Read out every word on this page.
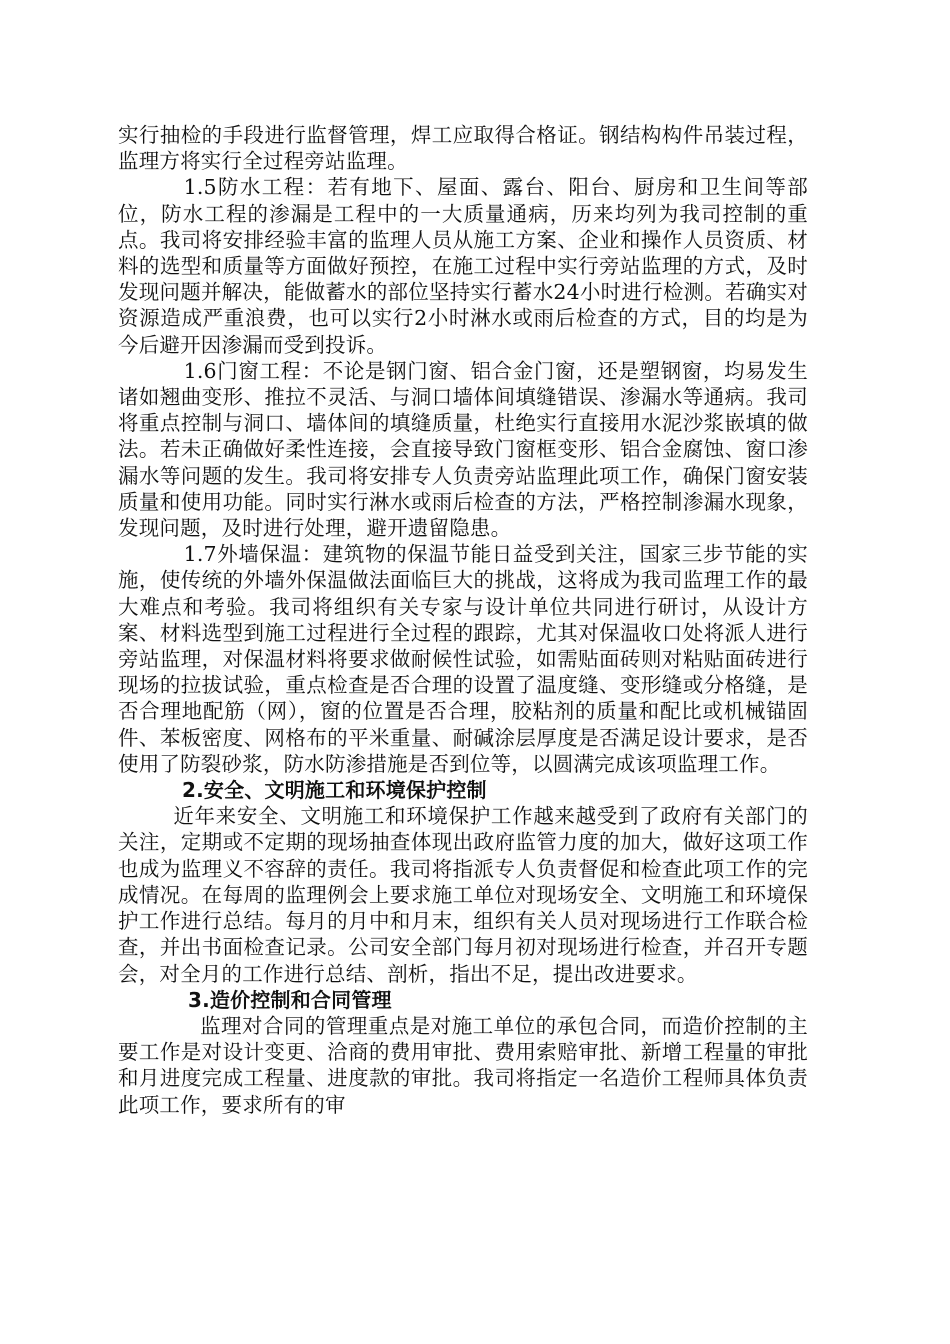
实行抽检的手段进行监督管理，焊工应取得合格证。钢结构构件吊装过程，监理方将实行全过程旁站监理。

1.5防水工程：若有地下、屋面、露台、阳台、厨房和卫生间等部位，防水工程的渗漏是工程中的一大质量通病，历来均列为我司控制的重点。我司将安排经验丰富的监理人员从施工方案、企业和操作人员资质、材料的选型和质量等方面做好预控，在施工过程中实行旁站监理的方式，及时发现问题并解决，能做蓄水的部位坚持实行蓄水24小时进行检测。若确实对资源造成严重浪费，也可以实行2小时淋水或雨后检查的方式，目的均是为今后避开因渗漏而受到投诉。

1.6门窗工程：不论是钢门窗、铝合金门窗，还是塑钢窗，均易发生诸如翘曲变形、推拉不灵活、与洞口墙体间填缝错误、渗漏水等通病。我司将重点控制与洞口、墙体间的填缝质量，杜绝实行直接用水泥沙浆嵌填的做法。若未正确做好柔性连接，会直接导致门窗框变形、铝合金腐蚀、窗口渗漏水等问题的发生。我司将安排专人负责旁站监理此项工作，确保门窗安装质量和使用功能。同时实行淋水或雨后检查的方法，严格控制渗漏水现象，发现问题，及时进行处理，避开遗留隐患。

1.7外墙保温：建筑物的保温节能日益受到关注，国家三步节能的实施，使传统的外墙外保温做法面临巨大的挑战，这将成为我司监理工作的最大难点和考验。我司将组织有关专家与设计单位共同进行研讨，从设计方案、材料选型到施工过程进行全过程的跟踪，尤其对保温收口处将派人进行旁站监理，对保温材料将要求做耐候性试验，如需贴面砖则对粘贴面砖进行现场的拉拔试验，重点检查是否合理的设置了温度缝、变形缝或分格缝，是否合理地配筋（网），窗的位置是否合理，胶粘剂的质量和配比或机械锚固件、苯板密度、网格布的平米重量、耐碱涂层厚度是否满足设计要求，是否使用了防裂砂浆，防水防渗措施是否到位等，以圆满完成该项监理工作。

2.安全、文明施工和环境保护控制

近年来安全、文明施工和环境保护工作越来越受到了政府有关部门的关注，定期或不定期的现场抽查体现出政府监管力度的加大，做好这项工作也成为监理义不容辞的责任。我司将指派专人负责督促和检查此项工作的完成情况。在每周的监理例会上要求施工单位对现场安全、文明施工和环境保护工作进行总结。每月的月中和月末，组织有关人员对现场进行工作联合检查，并出书面检查记录。公司安全部门每月初对现场进行检查，并召开专题会，对全月的工作进行总结、剖析，指出不足，提出改进要求。

3.造价控制和合同管理

监理对合同的管理重点是对施工单位的承包合同，而造价控制的主要工作是对设计变更、洽商的费用审批、费用索赔审批、新增工程量的审批和月进度完成工程量、进度款的审批。我司将指定一名造价工程师具体负责此项工作，要求所有的审
